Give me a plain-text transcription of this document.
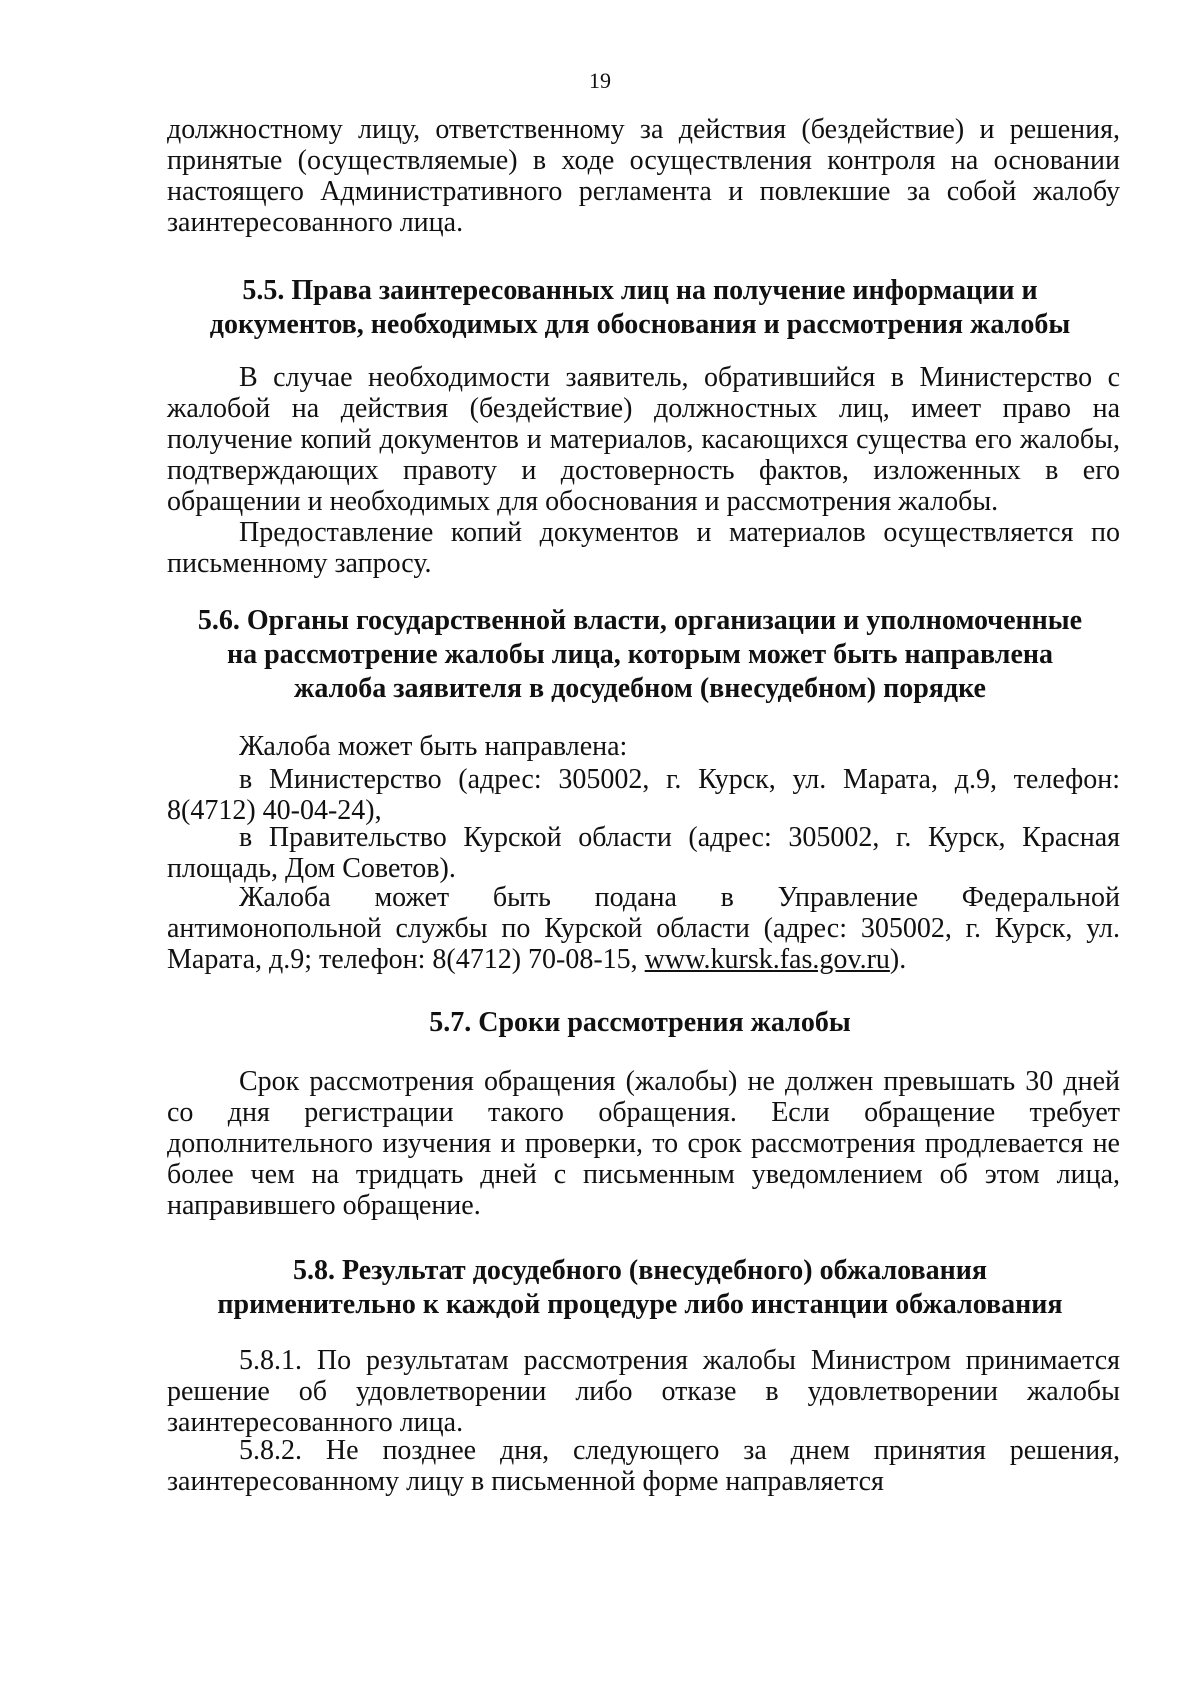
19
должностному лицу, ответственному за действия (бездействие) и решения, принятые (осуществляемые) в ходе осуществления контроля на основании настоящего Административного регламента и повлекшие за собой жалобу заинтересованного лица.
5.5. Права заинтересованных лиц на получение информации и
документов, необходимых для обоснования и рассмотрения жалобы
В случае необходимости заявитель, обратившийся в Министерство с жалобой на действия (бездействие) должностных лиц, имеет право на получение копий документов и материалов, касающихся существа его жалобы, подтверждающих правоту и достоверность фактов, изложенных в его обращении и необходимых для обоснования и рассмотрения жалобы.
Предоставление копий документов и материалов осуществляется по письменному запросу.
5.6. Органы государственной власти, организации и уполномоченные
на рассмотрение жалобы лица, которым может быть направлена
жалоба заявителя в досудебном (внесудебном) порядке
Жалоба может быть направлена:
в Министерство (адрес: 305002, г. Курск, ул. Марата, д.9, телефон: 8(4712) 40-04-24),
в Правительство Курской области (адрес: 305002, г. Курск, Красная площадь, Дом Советов).
Жалоба может быть подана в Управление Федеральной антимонопольной службы по Курской области (адрес: 305002, г. Курск, ул. Марата, д.9; телефон: 8(4712) 70-08-15, www.kursk.fas.gov.ru).
5.7. Сроки рассмотрения жалобы
Срок рассмотрения обращения (жалобы) не должен превышать 30 дней со дня регистрации такого обращения. Если обращение требует дополнительного изучения и проверки, то срок рассмотрения продлевается не более чем на тридцать дней с письменным уведомлением об этом лица, направившего обращение.
5.8. Результат досудебного (внесудебного) обжалования
применительно к каждой процедуре либо инстанции обжалования
5.8.1. По результатам рассмотрения жалобы Министром принимается решение об удовлетворении либо отказе в удовлетворении жалобы заинтересованного лица.
5.8.2. Не позднее дня, следующего за днем принятия решения, заинтересованному лицу в письменной форме направляется
